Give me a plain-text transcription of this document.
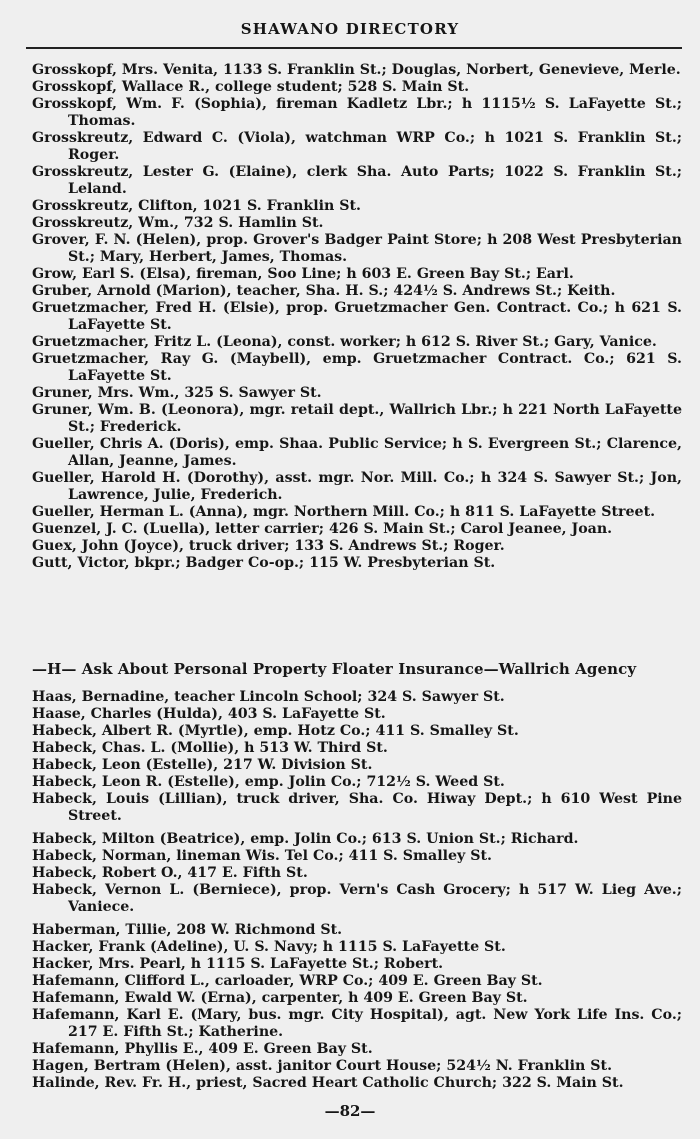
SHAWANO DIRECTORY
Grosskopf, Mrs. Venita, 1133 S. Franklin St.; Douglas, Norbert, Genevieve, Merle.
Grosskopf, Wallace R., college student; 528 S. Main St.
Grosskopf, Wm. F. (Sophia), fireman Kadletz Lbr.; h 1115½ S. LaFayette St.; Thomas.
Grosskreutz, Edward C. (Viola), watchman WRP Co.; h 1021 S. Franklin St.; Roger.
Grosskreutz, Lester G. (Elaine), clerk Sha. Auto Parts; 1022 S. Franklin St.; Leland.
Grosskreutz, Clifton, 1021 S. Franklin St.
Grosskreutz, Wm., 732 S. Hamlin St.
Grover, F. N. (Helen), prop. Grover's Badger Paint Store; h 208 West Presbyterian St.; Mary, Herbert, James, Thomas.
Grow, Earl S. (Elsa), fireman, Soo Line; h 603 E. Green Bay St.; Earl.
Gruber, Arnold (Marion), teacher, Sha. H. S.; 424½ S. Andrews St.; Keith.
Gruetzmacher, Fred H. (Elsie), prop. Gruetzmacher Gen. Contract. Co.; h 621 S. LaFayette St.
Gruetzmacher, Fritz L. (Leona), const. worker; h 612 S. River St.; Gary, Vanice.
Gruetzmacher, Ray G. (Maybell), emp. Gruetzmacher Contract. Co.; 621 S. LaFayette St.
Gruner, Mrs. Wm., 325 S. Sawyer St.
Gruner, Wm. B. (Leonora), mgr. retail dept., Wallrich Lbr.; h 221 North LaFayette St.; Frederick.
Gueller, Chris A. (Doris), emp. Shaa. Public Service; h S. Evergreen St.; Clarence, Allan, Jeanne, James.
Gueller, Harold H. (Dorothy), asst. mgr. Nor. Mill. Co.; h 324 S. Sawyer St.; Jon, Lawrence, Julie, Frederich.
Gueller, Herman L. (Anna), mgr. Northern Mill. Co.; h 811 S. LaFayette Street.
Guenzel, J. C. (Luella), letter carrier; 426 S. Main St.; Carol Jeanee, Joan.
Guex, John (Joyce), truck driver; 133 S. Andrews St.; Roger.
Gutt, Victor, bkpr.; Badger Co-op.; 115 W. Presbyterian St.
—H— Ask About Personal Property Floater Insurance—Wallrich Agency
Haas, Bernadine, teacher Lincoln School; 324 S. Sawyer St.
Haase, Charles (Hulda), 403 S. LaFayette St.
Habeck, Albert R. (Myrtle), emp. Hotz Co.; 411 S. Smalley St.
Habeck, Chas. L. (Mollie), h 513 W. Third St.
Habeck, Leon (Estelle), 217 W. Division St.
Habeck, Leon R. (Estelle), emp. Jolin Co.; 712½ S. Weed St.
Habeck, Louis (Lillian), truck driver, Sha. Co. Hiway Dept.; h 610 West Pine Street.
Habeck, Milton (Beatrice), emp. Jolin Co.; 613 S. Union St.; Richard.
Habeck, Norman, lineman Wis. Tel Co.; 411 S. Smalley St.
Habeck, Robert O., 417 E. Fifth St.
Habeck, Vernon L. (Berniece), prop. Vern's Cash Grocery; h 517 W. Lieg Ave.; Vaniece.
Haberman, Tillie, 208 W. Richmond St.
Hacker, Frank (Adeline), U. S. Navy; h 1115 S. LaFayette St.
Hacker, Mrs. Pearl, h 1115 S. LaFayette St.; Robert.
Hafemann, Clifford L., carloader, WRP Co.; 409 E. Green Bay St.
Hafemann, Ewald W. (Erna), carpenter, h 409 E. Green Bay St.
Hafemann, Karl E. (Mary, bus. mgr. City Hospital), agt. New York Life Ins. Co.; 217 E. Fifth St.; Katherine.
Hafemann, Phyllis E., 409 E. Green Bay St.
Hagen, Bertram (Helen), asst. janitor Court House; 524½ N. Franklin St.
Halinde, Rev. Fr. H., priest, Sacred Heart Catholic Church; 322 S. Main St.
—82—
